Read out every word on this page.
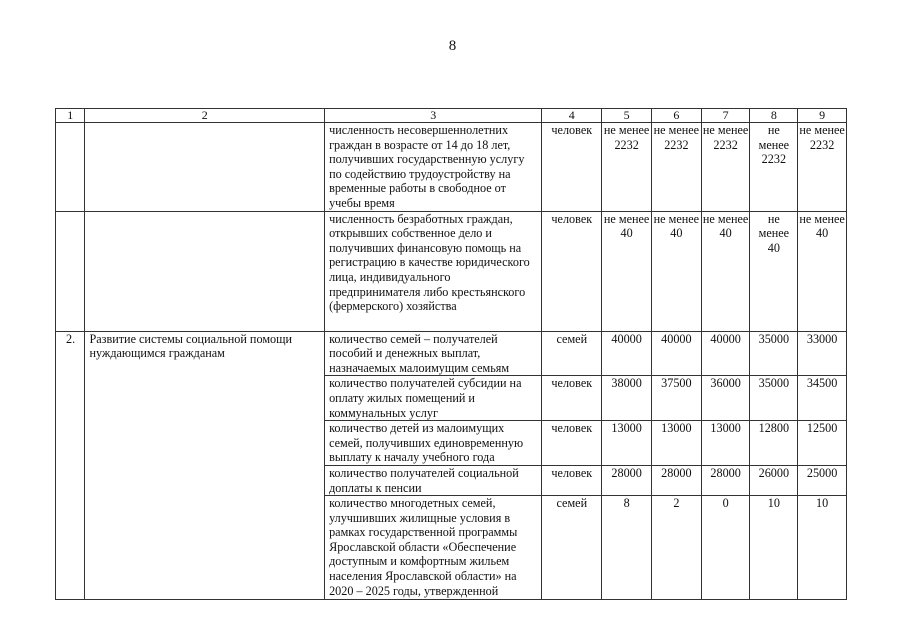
8
1	2	3	4	5	6	7	8	9
		численность несовершеннолетних граждан в возрасте от 14 до 18 лет, получивших государственную услугу по содействию трудоустройству на временные работы в свободное от учебы время	человек	не менее 2232	не менее 2232	не менее 2232	не менее 2232	не менее 2232
		численность безработных граждан, открывших собственное дело и получивших финансовую помощь на регистрацию в качестве юридического лица, индивидуального предпринимателя либо крестьянского (фермерского) хозяйства	человек	не менее 40	не менее 40	не менее 40	не менее 40	не менее 40
2.	Развитие системы социальной помощи нуждающимся гражданам	количество семей – получателей пособий и денежных выплат, назначаемых малоимущим семьям	семей	40000	40000	40000	35000	33000
		количество получателей субсидии на оплату жилых помещений и коммунальных услуг	человек	38000	37500	36000	35000	34500
		количество детей из малоимущих семей, получивших единовременную выплату к началу учебного года	человек	13000	13000	13000	12800	12500
		количество получателей социальной доплаты к пенсии	человек	28000	28000	28000	26000	25000
		количество многодетных семей, улучшивших жилищные условия в рамках государственной программы Ярославской области «Обеспечение доступным и комфортным жильем населения Ярославской области» на 2020 – 2025 годы, утвержденной	семей	8	2	0	10	10
